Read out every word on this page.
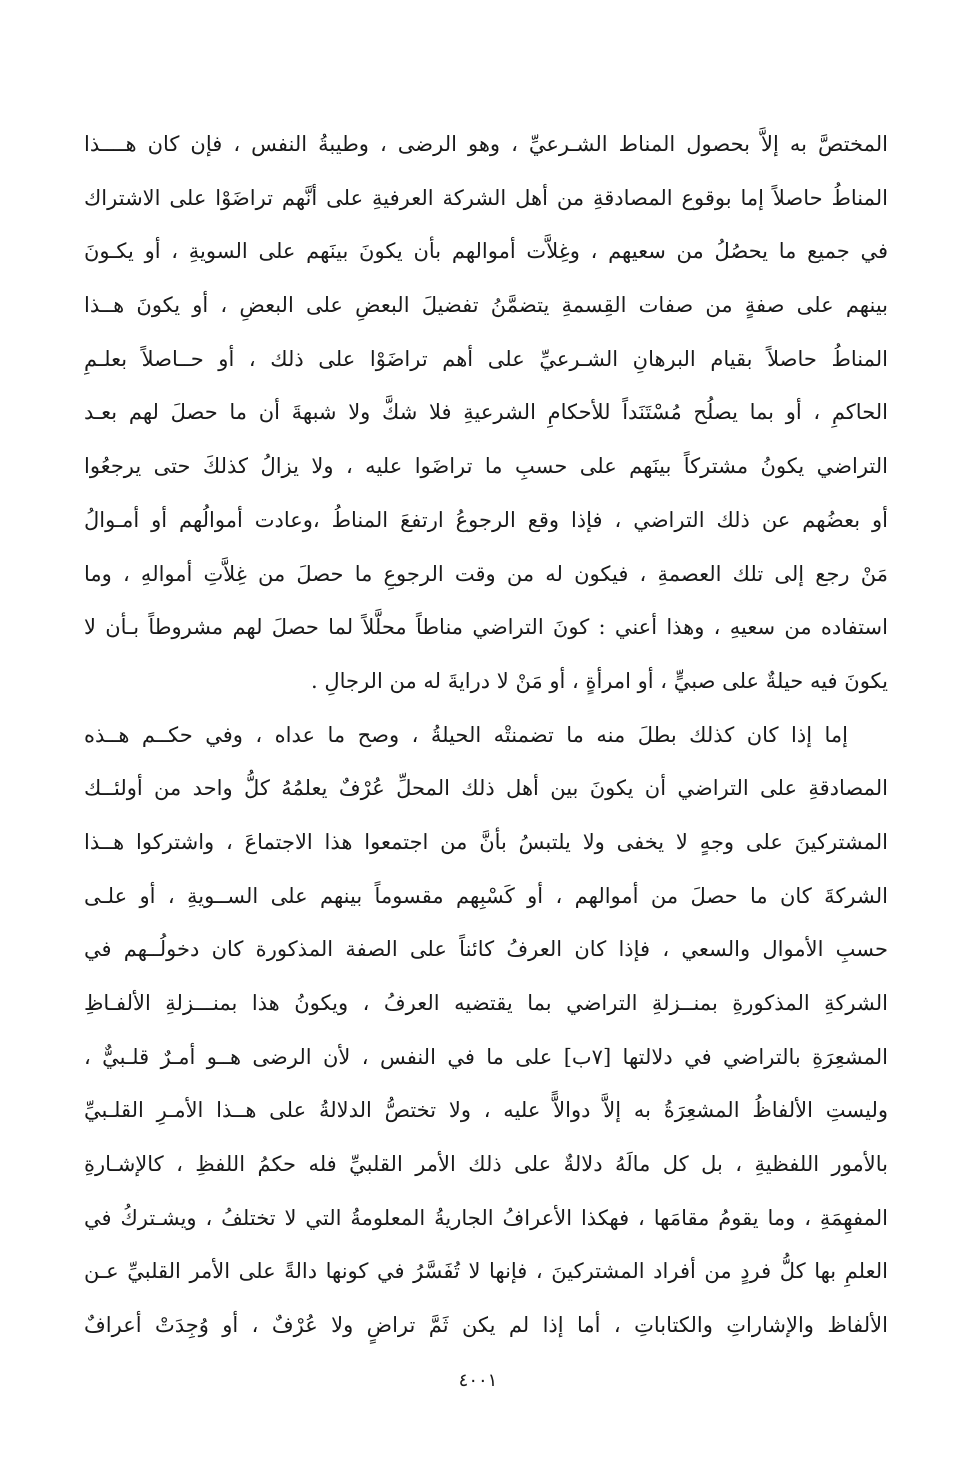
المختصَّ به إلاَّ بحصول المناط الشـرعيِّ ، وهو الرضى ، وطيبةُ النفس ، فإن كان هــــذا
المناطُ حاصلاً إما بوقوع المصادقةِ من أهل الشركة العرفيةِ على أنَّهم تراضَوْا على الاشتراك
في جميع ما يحصُلُ من سعيهم ، وغِلاَّت أموالهم بأن يكونَ بينَهم على السويةِ ، أو يكـونَ
بينهم على صفةٍ من صفات القِسمةِ يتضمَّنُ تفضيلَ البعضِ على البعضِ ، أو يكونَ هــذا
المناطُ حاصلاً بقيام البرهانِ الشـرعيِّ على أهم تراضَوْا على ذلك ، أو حــاصلاً بعلـمِ
الحاكمِ ، أو بما يصلُح مُسْتَنَداً للأحكامِ الشرعيةِ فلا شكَّ ولا شبهةَ أن ما حصلَ لهم بعـد
التراضي يكونُ مشتركاً بينَهم على حسبِ ما تراضَوا عليه ، ولا يزالُ كذلكَ حتى يرجعُوا
أو بعضُهم عن ذلك التراضي ، فإذا وقع الرجوعُ ارتفعَ المناطُ ،وعادت أموالُهم أو أمـوالُ
مَنْ رجع إلى تلك العصمةِ ، فيكون له من وقت الرجوعِ ما حصلَ من غِلاَّتِ أموالهِ ، وما
استفاده من سعيهِ ، وهذا أعني : كونَ التراضي مناطاً محلَّلاً لما حصلَ لهم مشروطاً بـأن لا
يكونَ فيه حيلةٌ على صبيٍّ ، أو امرأةٍ ، أو مَنْ لا درايةَ له من الرجالِ .
إما إذا كان كذلك بطلَ منه ما تضمنتْه الحيلةُ ، وصح ما عداه ، وفي حكــم هــذه
المصادقةِ على التراضي أن يكونَ بين أهل ذلك المحلِّ عُرْفٌ يعلمُهُ كلُّ واحد من أولئــك
المشتركينَ على وجهٍ لا يخفى ولا يلتبسُ بأنَّ من اجتمعوا هذا الاجتماعَ ، واشتركوا هــذا
الشركةَ كان ما حصلَ من أموالهم ، أو كَسْبِهم مقسوماً بينهم على الســويةِ ، أو علـى
حسبِ الأموال والسعي ، فإذا كان العرفُ كائناً على الصفة المذكورة كان دخولُــهم في
الشركةِ المذكورةِ بمنــزلةِ التراضي بما يقتضيه العرفُ ، ويكونُ هذا بمنـــزلةِ الألفـاظِ
المشعِرَةِ بالتراضي في دلالتها [٧ب] على ما في النفس ، لأن الرضى هــو أمـرٌ قلـبيٌّ ،
وليستِ الألفاظُ المشعِرَةُ به إلاَّ دوالاًّ عليه ، ولا تختصُّ الدلالةُ على هــذا الأمـرِ القلـبيِّ
بالأمور اللفظيةِ ، بل كل مالَهُ دلالةٌ على ذلك الأمر القلبيِّ فله حكمُ اللفظِ ، كالإشـارةِ
المفهِمَةِ ، وما يقومُ مقامَها ، فهكذا الأعرافُ الجاريةُ المعلومةُ التي لا تختلفُ ، ويشـتركُ في
العلمِ بها كلُّ فردٍ من أفراد المشتركينَ ، فإنها لا تُفَسَّرُ في كونها دالةً على الأمر القلبيِّ عـن
الألفاظ والإشاراتِ والكتاباتِ ، أما إذا لم يكن ثَمَّ تراضٍ ولا عُرْفٌ ، أو وُجِدَتْ أعرافٌ
٤٠٠١
